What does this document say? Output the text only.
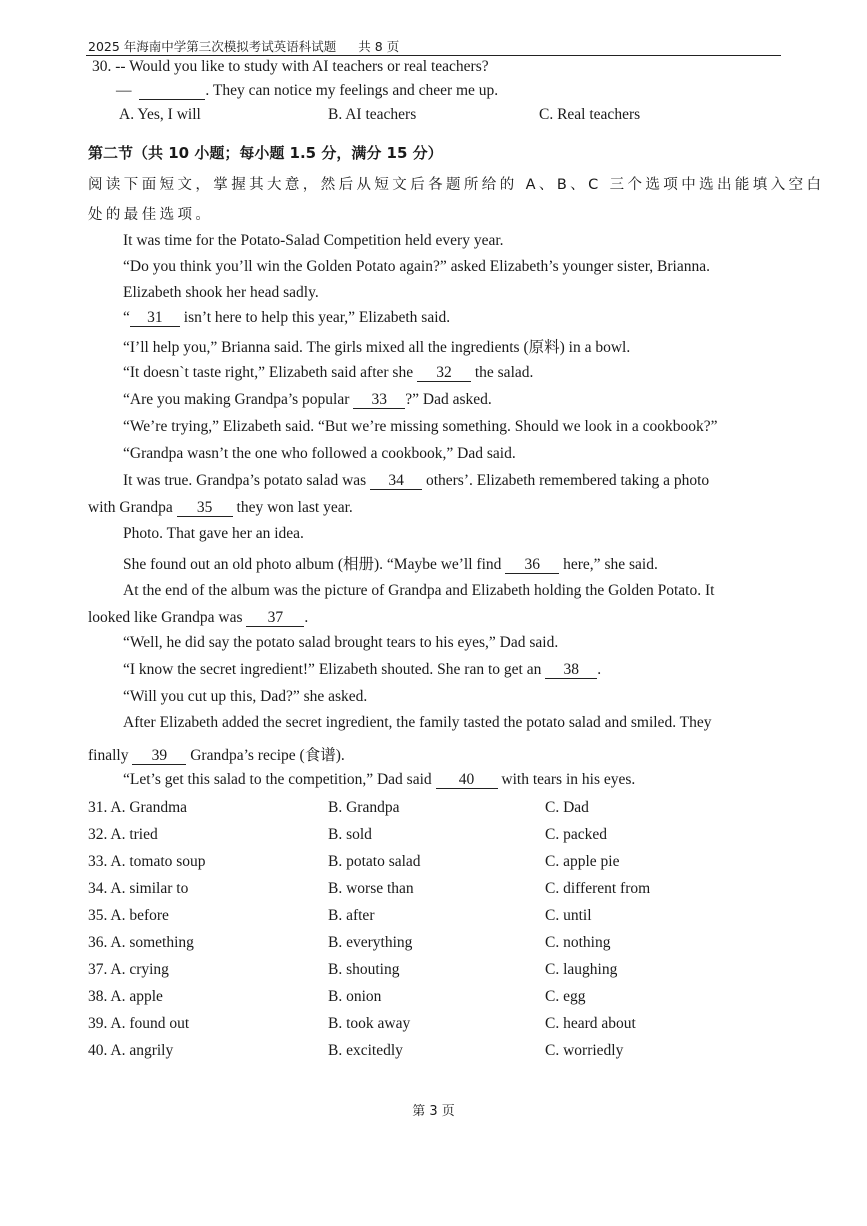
2025 年海南中学第三次模拟考试英语科试题 共 8 页
30. -- Would you like to study with AI teachers or real teachers?
—	. They can notice my feelings and cheer me up.
A. Yes, I will	B. AI teachers	C. Real teachers
第二节（共 10 小题；每小题 1.5 分，满分 15 分）
阅读下面短文，掌握其大意，然后从短文后各题所给的 A、B、C 三个选项中选出能填入空白
处的最佳选项。
It was time for the Potato-Salad Competition held every year.
“Do you think you’ll win the Golden Potato again?” asked Elizabeth’s younger sister, Brianna.
Elizabeth shook her head sadly.
“ 31 isn’t here to help this year,” Elizabeth said.
“I’ll help you,” Brianna said. The girls mixed all the ingredients (原料) in a bowl.
“It doesn`t taste right,” Elizabeth said after she 32 the salad.
“Are you making Grandpa’s popular 33 ?” Dad asked.
“We’re trying,” Elizabeth said. “But we’re missing something. Should we look in a cookbook?”
“Grandpa wasn’t the one who followed a cookbook,” Dad said.
It was true. Grandpa’s potato salad was 34 others’. Elizabeth remembered taking a photo
with Grandpa 35 they won last year.
Photo. That gave her an idea.
She found out an old photo album (相册). “Maybe we’ll find 36 here,” she said.
At the end of the album was the picture of Grandpa and Elizabeth holding the Golden Potato. It
looked like Grandpa was 37 .
“Well, he did say the potato salad brought tears to his eyes,” Dad said.
“I know the secret ingredient!” Elizabeth shouted. She ran to get an 38 .
“Will you cut up this, Dad?” she asked.
After Elizabeth added the secret ingredient, the family tasted the potato salad and smiled. They
finally 39 Grandpa’s recipe (食谱).
“Let’s get this salad to the competition,” Dad said 40 with tears in his eyes.
31. A. Grandma	B. Grandpa	C. Dad
32. A. tried	B. sold	C. packed
33. A. tomato soup	B. potato salad	C. apple pie
34. A. similar to	B. worse than	C. different from
35. A. before	B. after	C. until
36. A. something	B. everything	C. nothing
37. A. crying	B. shouting	C. laughing
38. A. apple	B. onion	C. egg
39. A. found out	B. took away	C. heard about
40. A. angrily	B. excitedly	C. worriedly
第 3 页
